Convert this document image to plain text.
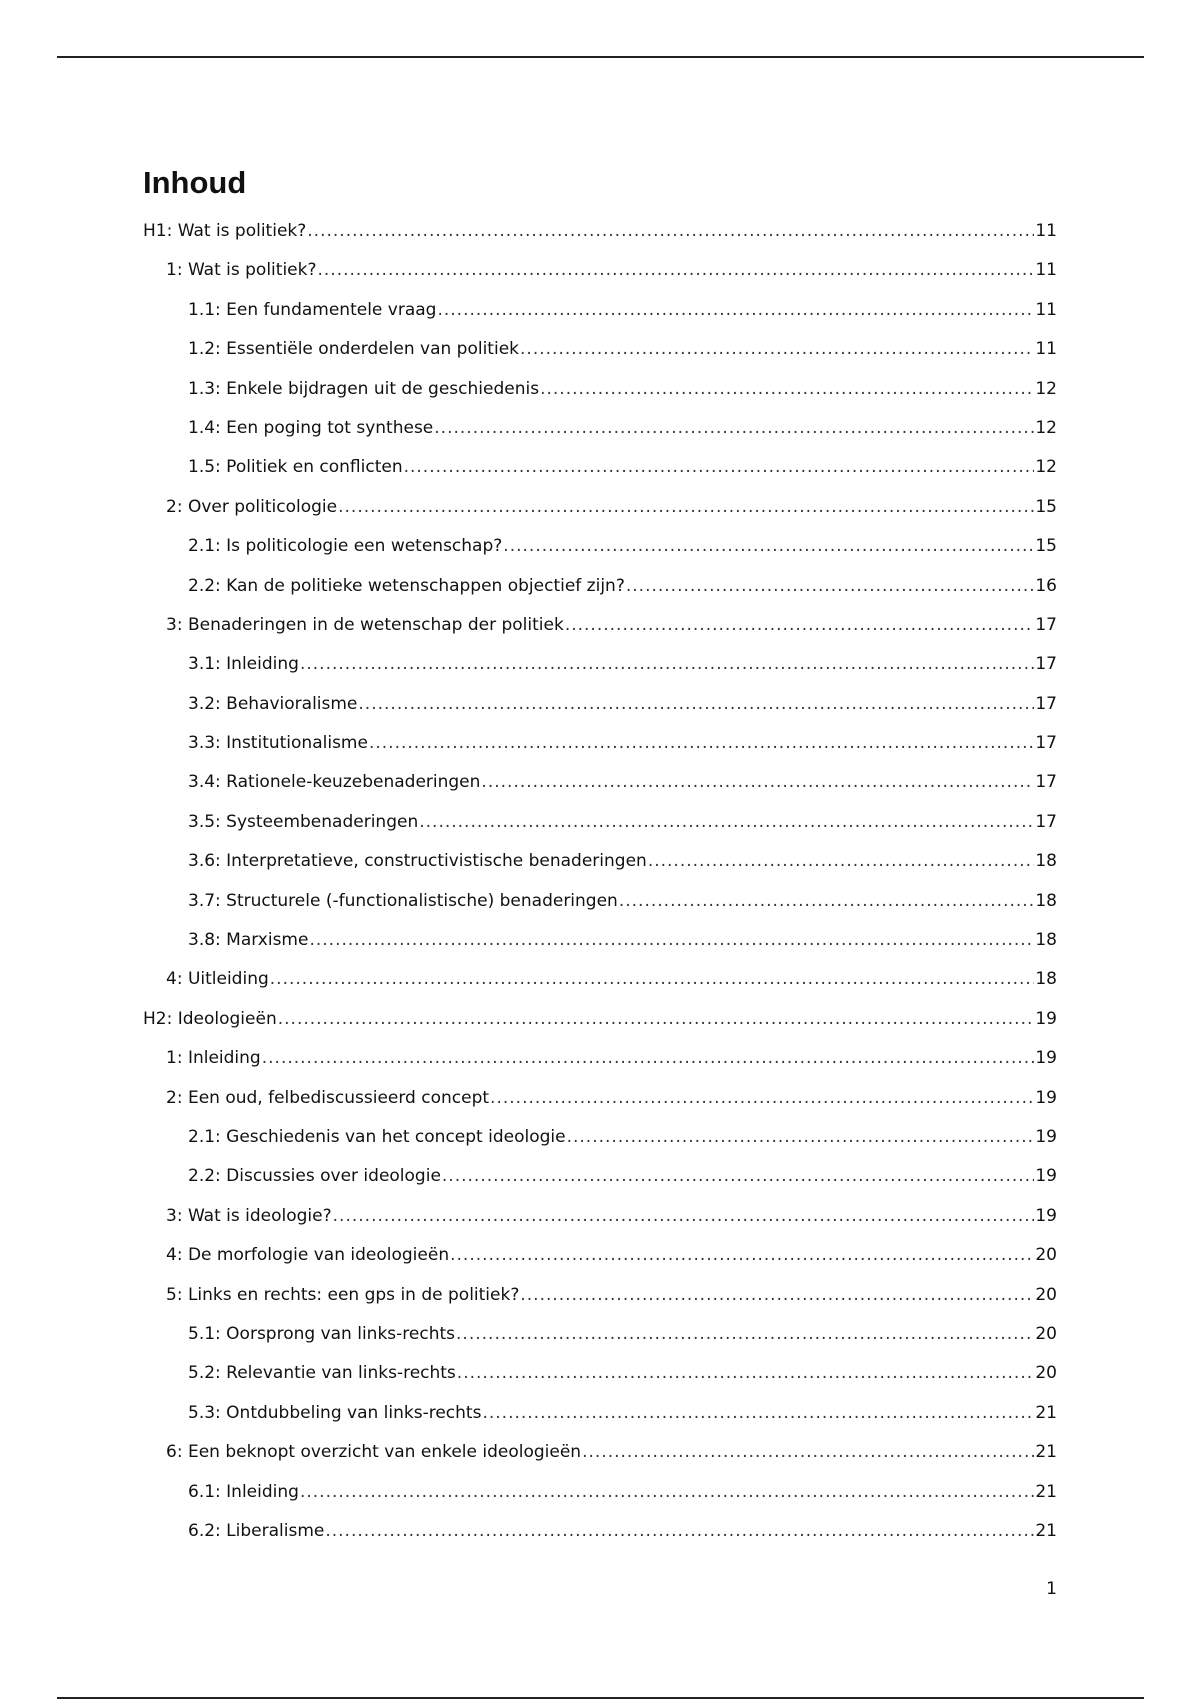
Inhoud
H1: Wat is politiek? .....	11
1: Wat is politiek? .....	11
1.1: Een fundamentele vraag .....	11
1.2: Essentiële onderdelen van politiek .....	11
1.3: Enkele bijdragen uit de geschiedenis .....	12
1.4: Een poging tot synthese .....	12
1.5: Politiek en conflicten .....	12
2: Over politicologie .....	15
2.1: Is politicologie een wetenschap? .....	15
2.2: Kan de politieke wetenschappen objectief zijn? .....	16
3: Benaderingen in de wetenschap der politiek .....	17
3.1: Inleiding .....	17
3.2: Behavioralisme .....	17
3.3: Institutionalisme .....	17
3.4: Rationele-keuzebenaderingen .....	17
3.5: Systeembenaderingen .....	17
3.6: Interpretatieve, constructivistische benaderingen .....	18
3.7: Structurele (-functionalistische) benaderingen .....	18
3.8: Marxisme .....	18
4: Uitleiding .....	18
H2: Ideologieën .....	19
1: Inleiding .....	19
2: Een oud, felbediscussieerd concept .....	19
2.1: Geschiedenis van het concept ideologie .....	19
2.2: Discussies over ideologie .....	19
3: Wat is ideologie? .....	19
4: De morfologie van ideologieën .....	20
5: Links en rechts: een gps in de politiek? .....	20
5.1: Oorsprong van links-rechts .....	20
5.2: Relevantie van links-rechts .....	20
5.3: Ontdubbeling van links-rechts .....	21
6: Een beknopt overzicht van enkele ideologieën .....	21
6.1: Inleiding .....	21
6.2: Liberalisme .....	21
1
